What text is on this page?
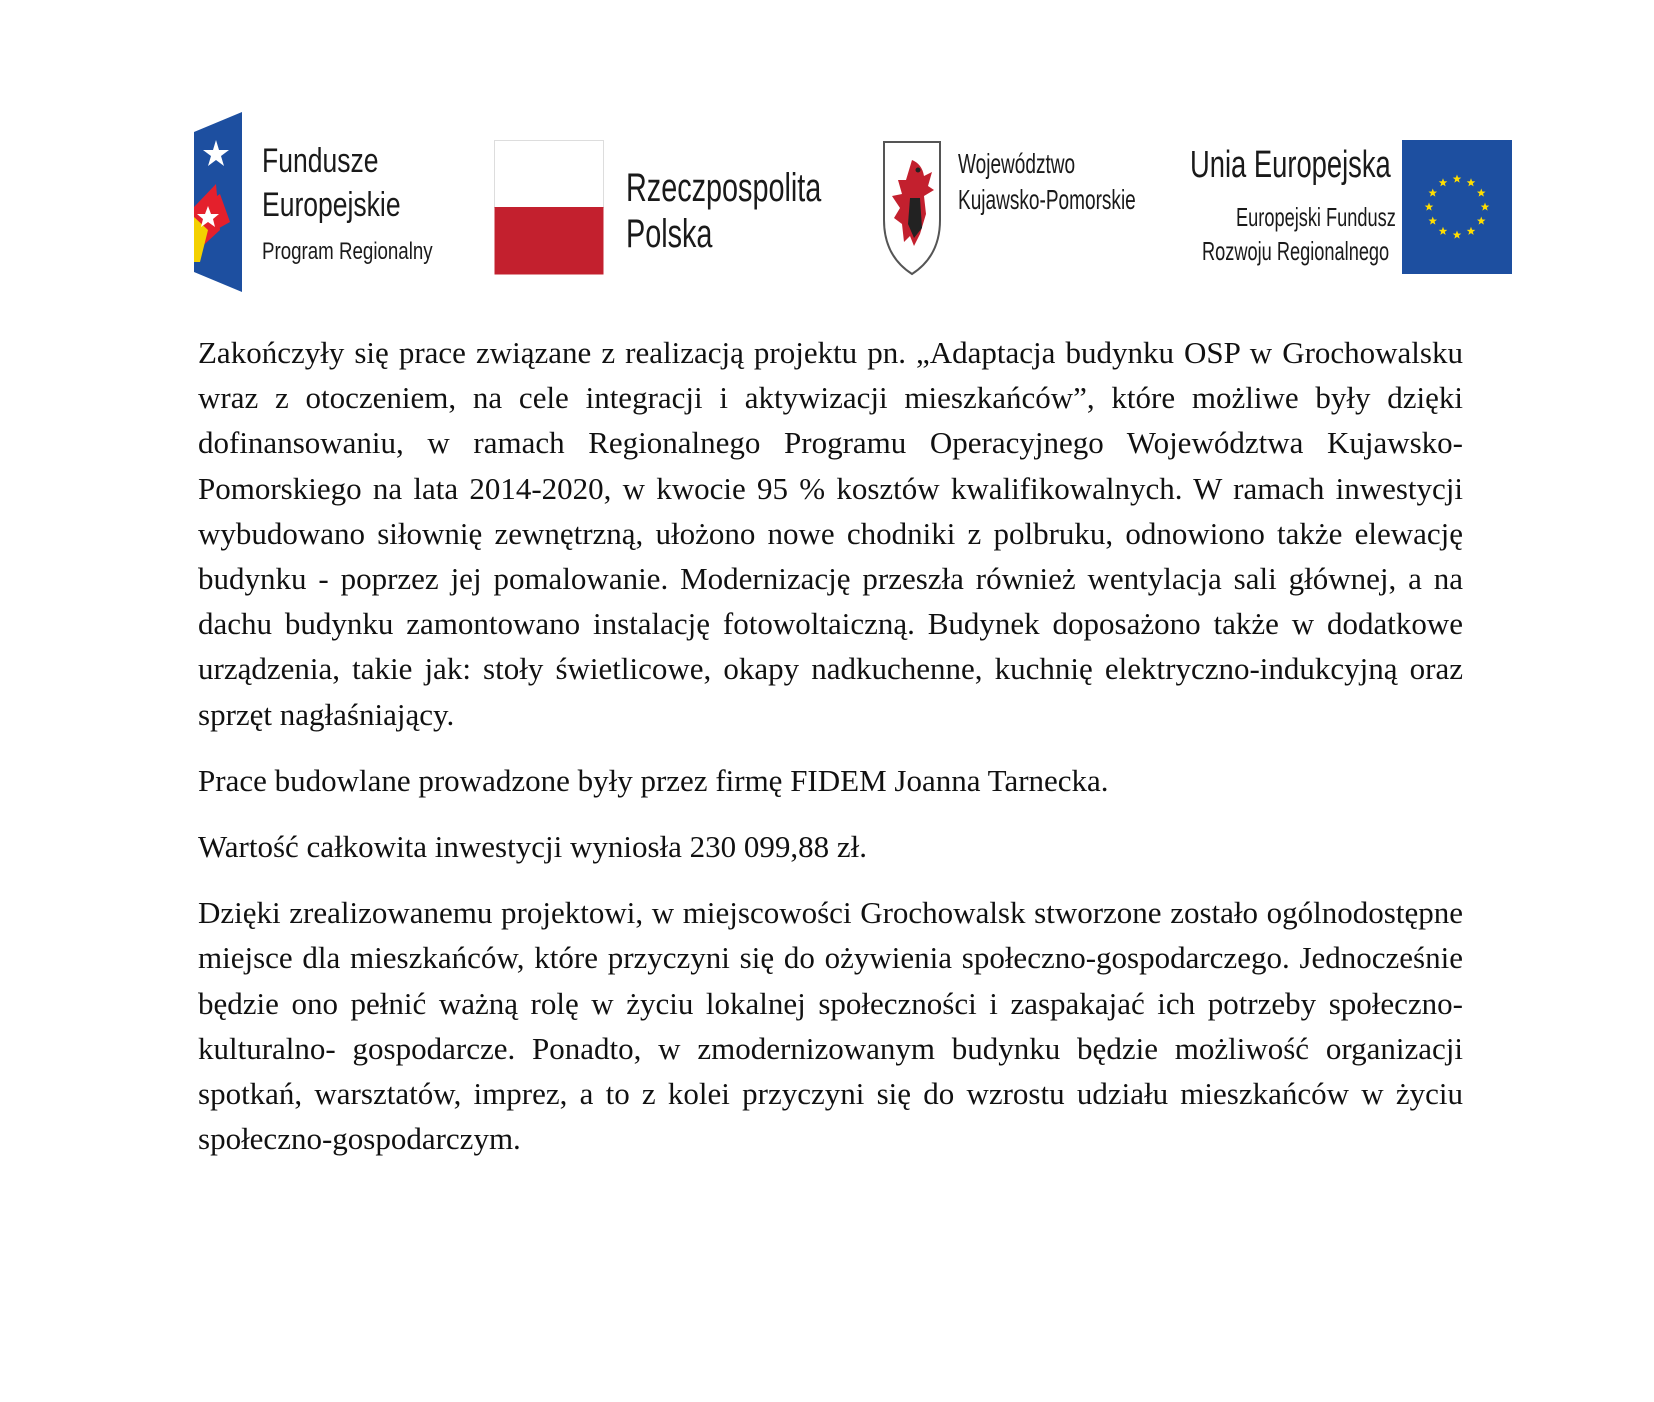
Fundusze
Europejskie
Program Regionalny
Rzeczpospolita
Polska
Województwo
Kujawsko-Pomorskie
Unia Europejska
Europejski Fundusz
Rozwoju Regionalnego

Zakończyły się prace związane z realizacją projektu pn. „Adaptacja budynku OSP w Grochowalsku wraz z otoczeniem, na cele integracji i aktywizacji mieszkańców”, które możliwe były dzięki dofinansowaniu, w ramach Regionalnego Programu Operacyjnego Województwa Kujawsko-Pomorskiego na lata 2014-2020, w kwocie 95 % kosztów kwalifikowalnych. W ramach inwestycji wybudowano siłownię zewnętrzną, ułożono nowe chodniki z polbruku, odnowiono także elewację budynku - poprzez jej pomalowanie. Modernizację przeszła również wentylacja sali głównej, a na dachu budynku zamontowano instalację fotowoltaiczną. Budynek doposażono także w dodatkowe urządzenia, takie jak: stoły świetlicowe, okapy nadkuchenne, kuchnię elektryczno-indukcyjną oraz sprzęt nagłaśniający.

Prace budowlane prowadzone były przez firmę FIDEM Joanna Tarnecka.

Wartość całkowita inwestycji wyniosła 230 099,88 zł.

Dzięki zrealizowanemu projektowi, w miejscowości Grochowalsk stworzone zostało ogólnodostępne miejsce dla mieszkańców, które przyczyni się do ożywienia społeczno-gospodarczego. Jednocześnie będzie ono pełnić ważną rolę w życiu lokalnej społeczności i zaspakajać ich potrzeby społeczno-kulturalno- gospodarcze. Ponadto, w zmodernizowanym budynku będzie możliwość organizacji spotkań, warsztatów, imprez, a to z kolei przyczyni się do wzrostu udziału mieszkańców w życiu społeczno-gospodarczym.
